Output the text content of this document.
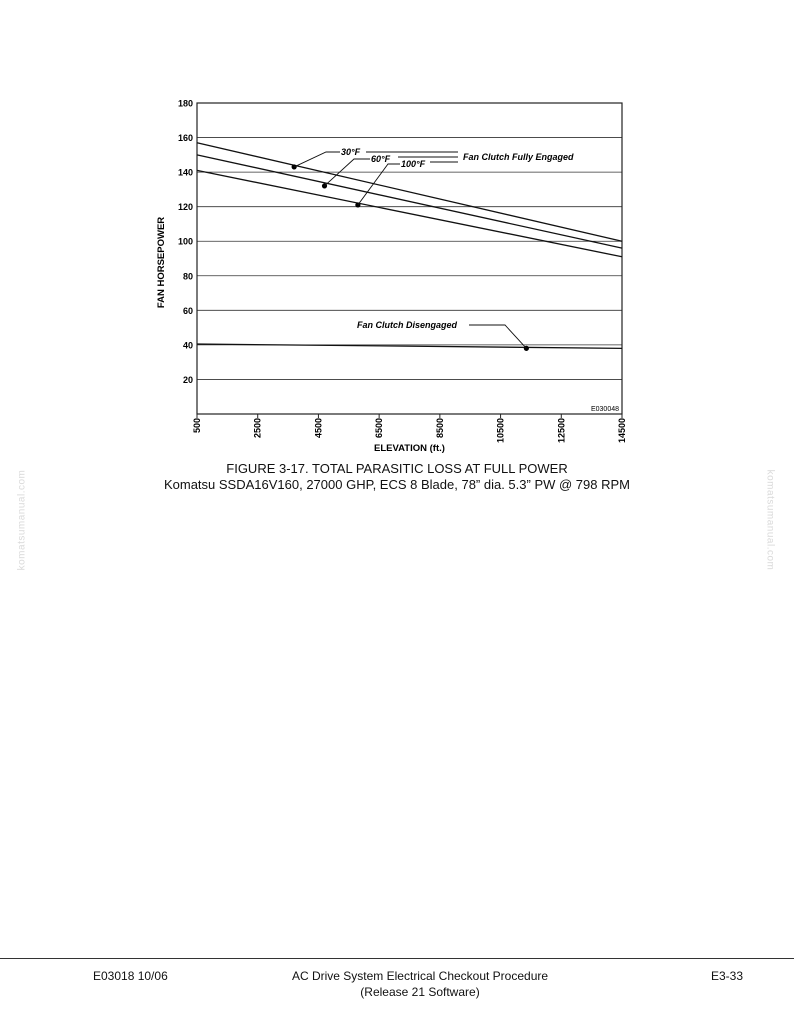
20
40
60
80
100
120
140
160
180
500	2500	4500	6500	8500	10500	12500	14500
FAN HORSEPOWER
ELEVATION (ft.)
30°F
60°F 100°F
Fan Clutch Fully Engaged
Fan Clutch Disengaged
E030048
FIGURE 3-17. TOTAL PARASITIC LOSS AT FULL POWER
Komatsu SSDA16V160, 27000 GHP, ECS 8 Blade, 78” dia. 5.3” PW @ 798 RPM
komatsumanual.com	komatsumanual.com
E03018 10/06	AC Drive System Electrical Checkout Procedure
(Release 21 Software)
E3-33
